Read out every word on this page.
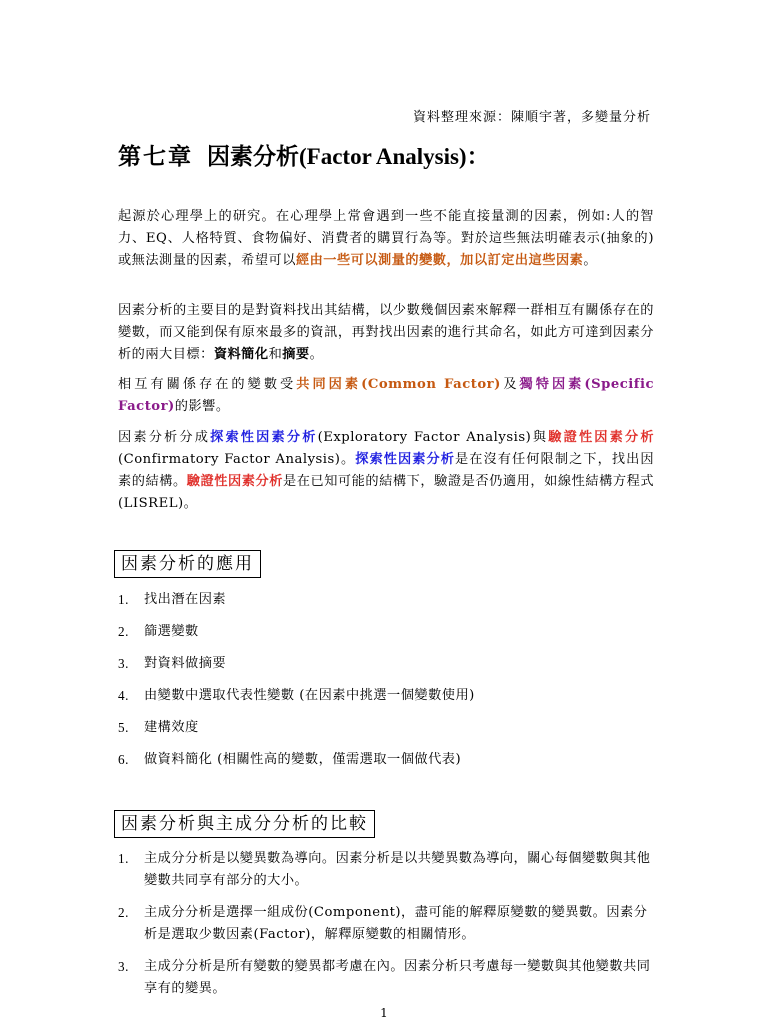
資料整理來源：陳順宇著，多變量分析
第七章 因素分析(Factor Analysis)：
起源於心理學上的研究。在心理學上常會遇到一些不能直接量測的因素，例如:人的智力、EQ、人格特質、食物偏好、消費者的購買行為等。對於這些無法明確表示(抽象的)或無法測量的因素，希望可以經由一些可以測量的變數，加以訂定出這些因素。
因素分析的主要目的是對資料找出其結構，以少數幾個因素來解釋一群相互有關係存在的變數，而又能到保有原來最多的資訊，再對找出因素的進行其命名，如此方可達到因素分析的兩大目標：資料簡化和摘要。
相互有關係存在的變數受共同因素(Common Factor)及獨特因素(Specific Factor)的影響。
因素分析分成探索性因素分析(Exploratory Factor Analysis)與驗證性因素分析(Confirmatory Factor Analysis)。探索性因素分析是在沒有任何限制之下，找出因素的結構。驗證性因素分析是在已知可能的結構下，驗證是否仍適用，如線性結構方程式(LISREL)。
因素分析的應用
1.	找出潛在因素
2.	篩選變數
3.	對資料做摘要
4.	由變數中選取代表性變數 (在因素中挑選一個變數使用)
5.	建構效度
6.	做資料簡化 (相關性高的變數，僅需選取一個做代表)
因素分析與主成分分析的比較
1.	主成分分析是以變異數為導向。因素分析是以共變異數為導向，關心每個變數與其他變數共同享有部分的大小。
2.	主成分分析是選擇一組成份(Component)，盡可能的解釋原變數的變異數。因素分析是選取少數因素(Factor)，解釋原變數的相關情形。
3.	主成分分析是所有變數的變異都考慮在內。因素分析只考慮每一變數與其他變數共同享有的變異。
1
